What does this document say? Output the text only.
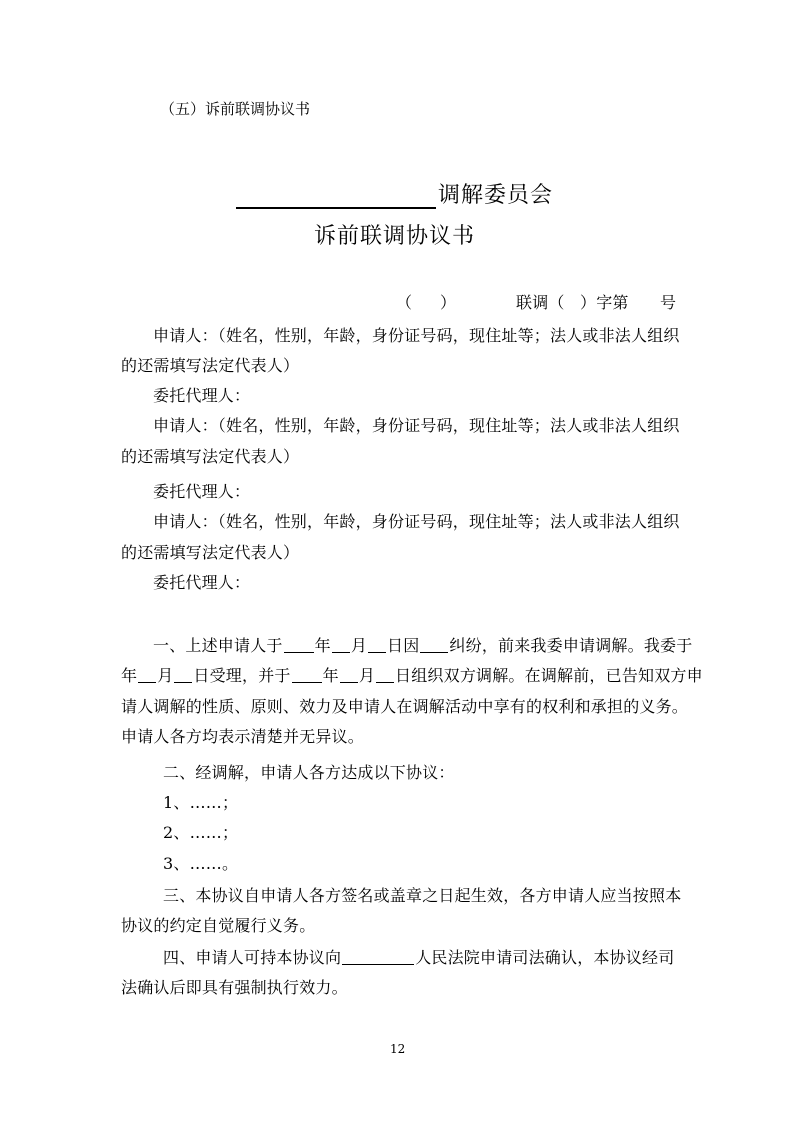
（五）诉前联调协议书
调解委员会
诉前联调协议书
（ ）	联调（ ）字第 号
申请人：（姓名，性别，年龄，身份证号码，现住址等；法人或非法人组织
的还需填写法定代表人）
委托代理人：
申请人：（姓名，性别，年龄，身份证号码，现住址等；法人或非法人组织
的还需填写法定代表人）
委托代理人：
申请人：（姓名，性别，年龄，身份证号码，现住址等；法人或非法人组织
的还需填写法定代表人）
委托代理人：
一、上述申请人于 年 月 日因 纠纷，前来我委申请调解。我委于
年 月 日受理，并于 年 月 日组织双方调解。在调解前，已告知双方申
请人调解的性质、原则、效力及申请人在调解活动中享有的权利和承担的义务。
申请人各方均表示清楚并无异议。
二、经调解，申请人各方达成以下协议：
1、……；
2、……；
3、……。
三、本协议自申请人各方签名或盖章之日起生效，各方申请人应当按照本
协议的约定自觉履行义务。
四、申请人可持本协议向	人民法院申请司法确认，本协议经司
法确认后即具有强制执行效力。
12
